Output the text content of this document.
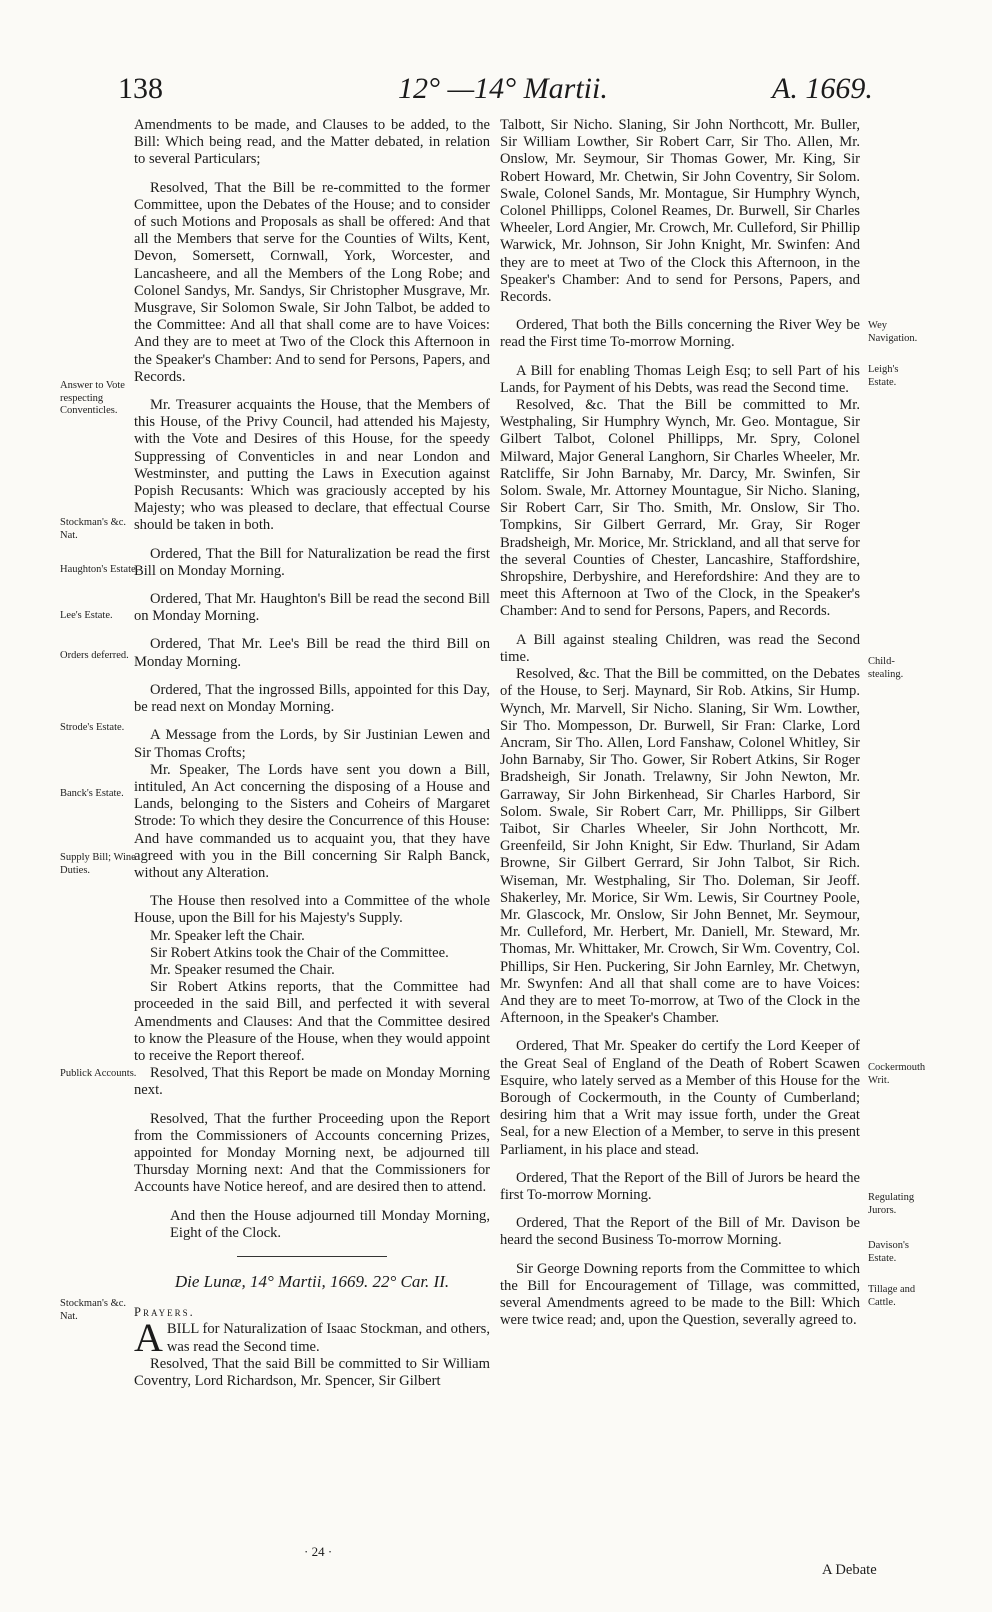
138	12° —14° Martii.	A. 1669.

Amendments to be made, and Clauses to be added, to the Bill: Which being read, and the Matter debated, in relation to several Particulars;

Resolved, That the Bill be re-committed to the former Committee, upon the Debates of the House; and to consider of such Motions and Proposals as shall be offered: And that all the Members that serve for the Counties of Wilts, Kent, Devon, Somersett, Cornwall, York, Worcester, and Lancasheere, and all the Members of the Long Robe; and Colonel Sandys, Mr. Sandys, Sir Christopher Musgrave, Mr. Musgrave, Sir Solomon Swale, Sir John Talbot, be added to the Committee: And all that shall come are to have Voices: And they are to meet at Two of the Clock this Afternoon in the Speaker's Chamber: And to send for Persons, Papers, and Records.

Mr. Treasurer acquaints the House, that the Members of this House, of the Privy Council, had attended his Majesty, with the Vote and Desires of this House, for the speedy Suppressing of Conventicles in and near London and Westminster, and putting the Laws in Execution against Popish Recusants: Which was graciously accepted by his Majesty; who was pleased to declare, that effectual Course should be taken in both.

Ordered, That the Bill for Naturalization be read the first Bill on Monday Morning.

Ordered, That Mr. Haughton's Bill be read the second Bill on Monday Morning.

Ordered, That Mr. Lee's Bill be read the third Bill on Monday Morning.

Ordered, That the ingrossed Bills, appointed for this Day, be read next on Monday Morning.

A Message from the Lords, by Sir Justinian Lewen and Sir Thomas Crofts;

Mr. Speaker, The Lords have sent you down a Bill, intituled, An Act concerning the disposing of a House and Lands, belonging to the Sisters and Coheirs of Margaret Strode: To which they desire the Concurrence of this House: And have commanded us to acquaint you, that they have agreed with you in the Bill concerning Sir Ralph Banck, without any Alteration.

The House then resolved into a Committee of the whole House, upon the Bill for his Majesty's Supply.

Mr. Speaker left the Chair.

Sir Robert Atkins took the Chair of the Committee.

Mr. Speaker resumed the Chair.

Sir Robert Atkins reports, that the Committee had proceeded in the said Bill, and perfected it with several Amendments and Clauses: And that the Committee desired to know the Pleasure of the House, when they would appoint to receive the Report thereof.

Resolved, That this Report be made on Monday Morning next.

Resolved, That the further Proceeding upon the Report from the Commissioners of Accounts concerning Prizes, appointed for Monday Morning next, be adjourned till Thursday Morning next: And that the Commissioners for Accounts have Notice hereof, and are desired then to attend.

And then the House adjourned till Monday Morning, Eight of the Clock.

Die Lunæ, 14° Martii, 1669. 22° Car. II.

Prayers.

ABILL for Naturalization of Isaac Stockman, and others, was read the Second time.

Resolved, That the said Bill be committed to Sir William Coventry, Lord Richardson, Mr. Spencer, Sir Gilbert

Talbott, Sir Nicho. Slaning, Sir John Northcott, Mr. Buller, Sir William Lowther, Sir Robert Carr, Sir Tho. Allen, Mr. Onslow, Mr. Seymour, Sir Thomas Gower, Mr. King, Sir Robert Howard, Mr. Chetwin, Sir John Coventry, Sir Solom. Swale, Colonel Sands, Mr. Montague, Sir Humphry Wynch, Colonel Phillipps, Colonel Reames, Dr. Burwell, Sir Charles Wheeler, Lord Angier, Mr. Crowch, Mr. Culleford, Sir Phillip Warwick, Mr. Johnson, Sir John Knight, Mr. Swinfen: And they are to meet at Two of the Clock this Afternoon, in the Speaker's Chamber: And to send for Persons, Papers, and Records.

Ordered, That both the Bills concerning the River Wey be read the First time To-morrow Morning.

A Bill for enabling Thomas Leigh Esq; to sell Part of his Lands, for Payment of his Debts, was read the Second time.

Resolved, &c. That the Bill be committed to Mr. Westphaling, Sir Humphry Wynch, Mr. Geo. Montague, Sir Gilbert Talbot, Colonel Phillipps, Mr. Spry, Colonel Milward, Major General Langhorn, Sir Charles Wheeler, Mr. Ratcliffe, Sir John Barnaby, Mr. Darcy, Mr. Swinfen, Sir Solom. Swale, Mr. Attorney Mountague, Sir Nicho. Slaning, Sir Robert Carr, Sir Tho. Smith, Mr. Onslow, Sir Tho. Tompkins, Sir Gilbert Gerrard, Mr. Gray, Sir Roger Bradsheigh, Mr. Morice, Mr. Strickland, and all that serve for the several Counties of Chester, Lancashire, Staffordshire, Shropshire, Derbyshire, and Herefordshire: And they are to meet this Afternoon at Two of the Clock, in the Speaker's Chamber: And to send for Persons, Papers, and Records.

A Bill against stealing Children, was read the Second time.

Resolved, &c. That the Bill be committed, on the Debates of the House, to Serj. Maynard, Sir Rob. Atkins, Sir Hump. Wynch, Mr. Marvell, Sir Nicho. Slaning, Sir Wm. Lowther, Sir Tho. Mompesson, Dr. Burwell, Sir Fran: Clarke, Lord Ancram, Sir Tho. Allen, Lord Fanshaw, Colonel Whitley, Sir John Barnaby, Sir Tho. Gower, Sir Robert Atkins, Sir Roger Bradsheigh, Sir Jonath. Trelawny, Sir John Newton, Mr. Garraway, Sir John Birkenhead, Sir Charles Harbord, Sir Solom. Swale, Sir Robert Carr, Mr. Phillipps, Sir Gilbert Taibot, Sir Charles Wheeler, Sir John Northcott, Mr. Greenfeild, Sir John Knight, Sir Edw. Thurland, Sir Adam Browne, Sir Gilbert Gerrard, Sir John Talbot, Sir Rich. Wiseman, Mr. Westphaling, Sir Tho. Doleman, Sir Jeoff. Shakerley, Mr. Morice, Sir Wm. Lewis, Sir Courtney Poole, Mr. Glascock, Mr. Onslow, Sir John Bennet, Mr. Seymour, Mr. Culleford, Mr. Herbert, Mr. Daniell, Mr. Steward, Mr. Thomas, Mr. Whittaker, Mr. Crowch, Sir Wm. Coventry, Col. Phillips, Sir Hen. Puckering, Sir John Earnley, Mr. Chetwyn, Mr. Swynfen: And all that shall come are to have Voices: And they are to meet To-morrow, at Two of the Clock in the Afternoon, in the Speaker's Chamber.

Ordered, That Mr. Speaker do certify the Lord Keeper of the Great Seal of England of the Death of Robert Scawen Esquire, who lately served as a Member of this House for the Borough of Cockermouth, in the County of Cumberland; desiring him that a Writ may issue forth, under the Great Seal, for a new Election of a Member, to serve in this present Parliament, in his place and stead.

Ordered, That the Report of the Bill of Jurors be heard the first To-morrow Morning.

Ordered, That the Report of the Bill of Mr. Davison be heard the second Business To-morrow Morning.

Sir George Downing reports from the Committee to which the Bill for Encouragement of Tillage, was committed, several Amendments agreed to be made to the Bill: Which were twice read; and, upon the Question, severally agreed to.

Answer to Vote respecting Conventicles.
Stockman's &c. Nat.
Haughton's Estate.
Lee's Estate.
Orders deferred.
Strode's Estate.
Banck's Estate.
Supply Bill; Wine Duties.
Publick Accounts.
Stockman's &c. Nat.
Wey Navigation.
Leigh's Estate.
Child-stealing.
Cockermouth Writ.
Regulating Jurors.
Davison's Estate.
Tillage and Cattle.
· 24 ·
A Debate
